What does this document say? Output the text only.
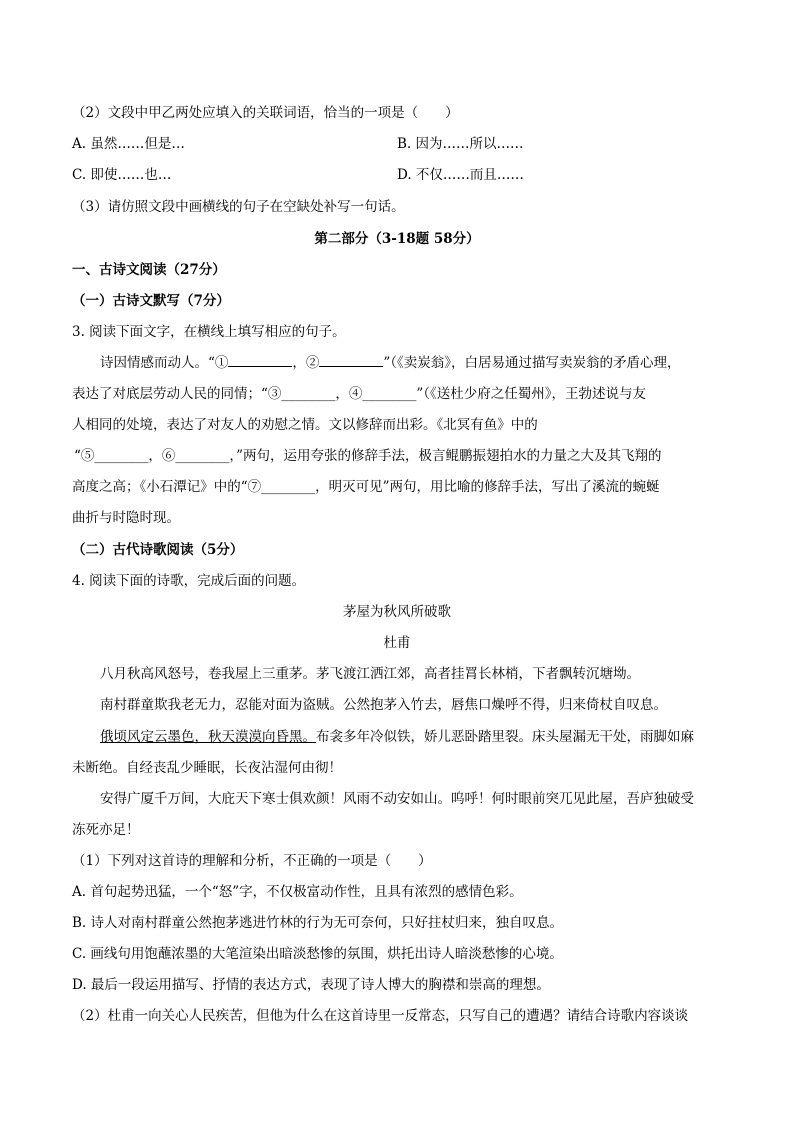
（2）文段中甲乙两处应填入的关联词语，恰当的一项是（　　）
A. 虽然……但是…	B. 因为……所以……
C. 即使……也…	D. 不仅……而且……
（3）请仿照文段中画横线的句子在空缺处补写一句话。
第二部分（3-18题 58分）
一、古诗文阅读（27分）
（一）古诗文默写（7分）
3. 阅读下面文字，在横线上填写相应的句子。
诗因情感而动人。“①	，②	”（《卖炭翁》，白居易通过描写卖炭翁的矛盾心理，
表达了对底层劳动人民的同情；“③________，④________”（《送杜少府之任蜀州》，王勃述说与友
人相同的处境，表达了对友人的劝慰之情。文以修辞而出彩。《北冥有鱼》中的
“⑤________，⑥________，”两句，运用夸张的修辞手法，极言鲲鹏振翅拍水的力量之大及其飞翔的
高度之高；《小石潭记》中的“⑦________，明灭可见”两句，用比喻的修辞手法，写出了溪流的蜿蜒
曲折与时隐时现。
（二）古代诗歌阅读（5分）
4. 阅读下面的诗歌，完成后面的问题。
茅屋为秋风所破歌
杜甫
八月秋高风怒号，卷我屋上三重茅。茅飞渡江洒江郊，高者挂罥长林梢，下者飘转沉塘坳。
南村群童欺我老无力，忍能对面为盗贼。公然抱茅入竹去，唇焦口燥呼不得，归来倚杖自叹息。
俄顷风定云墨色，秋天漠漠向昏黑。布衾多年冷似铁，娇儿恶卧踏里裂。床头屋漏无干处，雨脚如麻
未断绝。自经丧乱少睡眠，长夜沾湿何由彻！
安得广厦千万间，大庇天下寒士俱欢颜！风雨不动安如山。呜呼！何时眼前突兀见此屋，吾庐独破受
冻死亦足！
（1）下列对这首诗的理解和分析，不正确的一项是（　　）
A. 首句起势迅猛，一个“怒”字，不仅极富动作性，且具有浓烈的感情色彩。
B. 诗人对南村群童公然抱茅逃进竹林的行为无可奈何，只好拄杖归来，独自叹息。
C. 画线句用饱蘸浓墨的大笔渲染出暗淡愁惨的氛围，烘托出诗人暗淡愁惨的心境。
D. 最后一段运用描写、抒情的表达方式，表现了诗人博大的胸襟和崇高的理想。
（2）杜甫一向关心人民疾苦，但他为什么在这首诗里一反常态，只写自己的遭遇？请结合诗歌内容谈谈
